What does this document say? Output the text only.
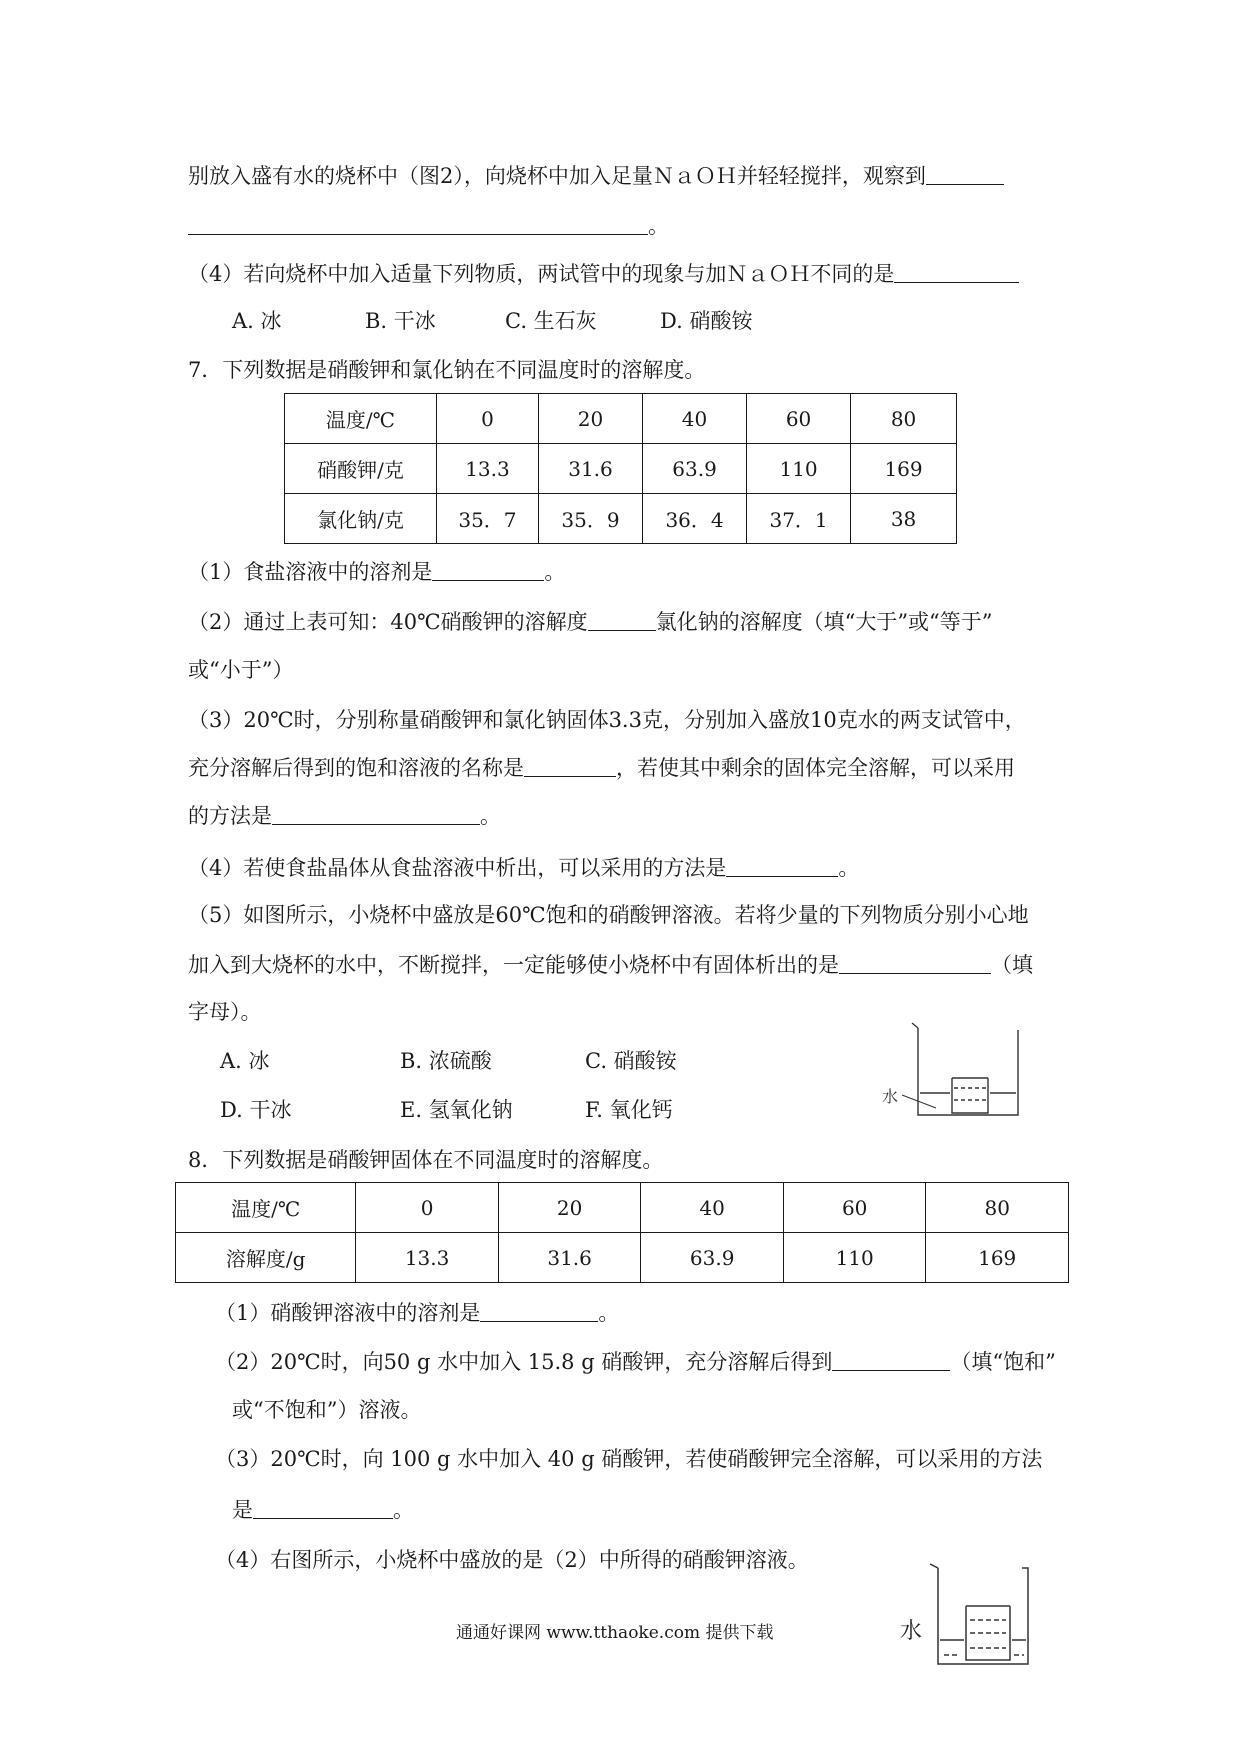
别放入盛有水的烧杯中（图2），向烧杯中加入足量ＮａＯＨ并轻轻搅拌，观察到
。
（4）若向烧杯中加入适量下列物质，两试管中的现象与加ＮａＯＨ不同的是
A. 冰	B. 干冰	C. 生石灰	D. 硝酸铵
7．下列数据是硝酸钾和氯化钠在不同温度时的溶解度。
温度/℃	0	20	40	60	80
硝酸钾/克	13.3	31.6	63.9	110	169
氯化钠/克	35．7	35．9	36．4	37．1	38
（1）食盐溶液中的溶剂是	。
（2）通过上表可知：40℃硝酸钾的溶解度	氯化钠的溶解度（填“大于”或“等于”
或“小于”）
（3）20℃时，分别称量硝酸钾和氯化钠固体3.3克，分别加入盛放10克水的两支试管中，
充分溶解后得到的饱和溶液的名称是	，若使其中剩余的固体完全溶解，可以采用
的方法是	。
（4）若使食盐晶体从食盐溶液中析出，可以采用的方法是	。
（5）如图所示，小烧杯中盛放是60℃饱和的硝酸钾溶液。若将少量的下列物质分别小心地
加入到大烧杯的水中，不断搅拌，一定能够使小烧杯中有固体析出的是	（填
字母）。
A. 冰	B. 浓硫酸	C. 硝酸铵
D. 干冰	E. 氢氧化钠	F. 氧化钙
水
8．下列数据是硝酸钾固体在不同温度时的溶解度。
温度/℃	0	20	40	60	80
溶解度/g	13.3	31.6	63.9	110	169
（1）硝酸钾溶液中的溶剂是	。
（2）20℃时，向50 g 水中加入 15.8 g 硝酸钾，充分溶解后得到	（填“饱和”
或“不饱和”）溶液。
（3）20℃时，向 100 g 水中加入 40 g 硝酸钾，若使硝酸钾完全溶解，可以采用的方法
是	。
（4）右图所示，小烧杯中盛放的是（2）中所得的硝酸钾溶液。
水
通通好课网 www.tthaoke.com 提供下载
